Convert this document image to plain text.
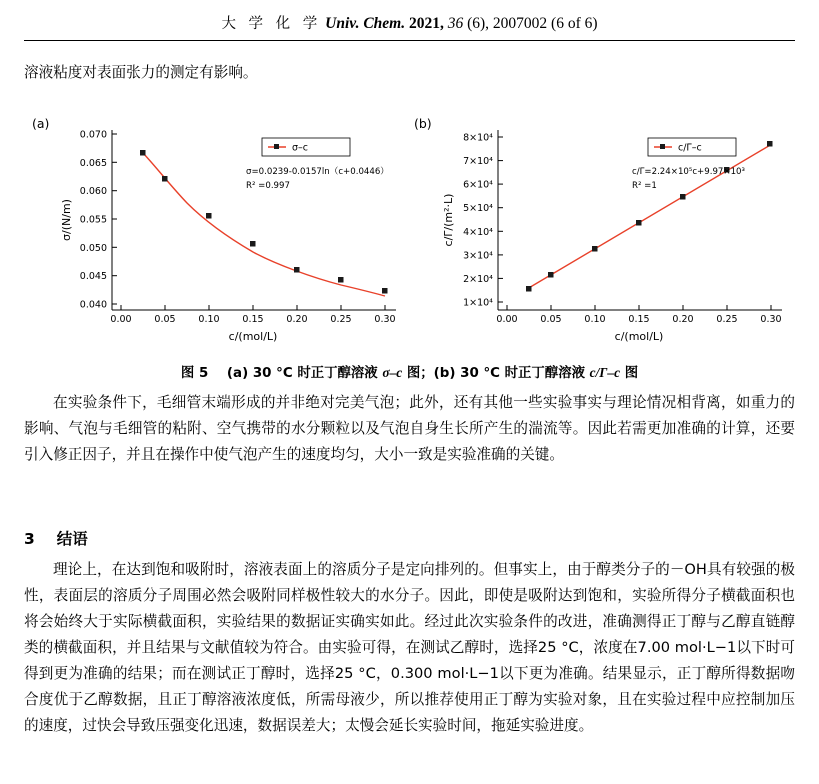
大 学 化 学 Univ. Chem. 2021, 36 (6), 2007002 (6 of 6)
溶液粘度对表面张力的测定有影响。
(a)
0.040
0.045
0.050
0.055
0.060
0.065
0.070
0.00 0.05 0.10 0.15 0.20 0.25 0.30
c/(mol/L)
σ/(N/m)
σ–c
σ=0.0239-0.0157ln（c+0.0446）
R² =0.997
(b)
1×10⁴
2×10⁴
3×10⁴
4×10⁴
5×10⁴
6×10⁴
7×10⁴
8×10⁴
0.00 0.05 0.10 0.15 0.20 0.25 0.30
c/(mol/L)
c/Γ/(m²·L)
c/Γ–c
c/Γ=2.24×10⁵c+9.97×10³
R² =1
图 5 (a) 30 °C 时正丁醇溶液 σ–c 图；(b) 30 °C 时正丁醇溶液 c/Γ–c 图
在实验条件下，毛细管末端形成的并非绝对完美气泡；此外，还有其他一些实验事实与理论情况相背离，如重力的影响、气泡与毛细管的粘附、空气携带的水分颗粒以及气泡自身生长所产生的湍流等。因此若需更加准确的计算，还要引入修正因子，并且在操作中使气泡产生的速度均匀，大小一致是实验准确的关键。
3 结语
理论上，在达到饱和吸附时，溶液表面上的溶质分子是定向排列的。但事实上，由于醇类分子的－OH具有较强的极性，表面层的溶质分子周围必然会吸附同样极性较大的水分子。因此，即使是吸附达到饱和，实验所得分子横截面积也将会始终大于实际横截面积，实验结果的数据证实确实如此。经过此次实验条件的改进，准确测得正丁醇与乙醇直链醇类的横截面积，并且结果与文献值较为符合。由实验可得，在测试乙醇时，选择25 °C，浓度在7.00 mol·L−1以下时可得到更为准确的结果；而在测试正丁醇时，选择25 °C，0.300 mol·L−1以下更为准确。结果显示，正丁醇所得数据吻合度优于乙醇数据，且正丁醇溶液浓度低，所需母液少，所以推荐使用正丁醇为实验对象，且在实验过程中应控制加压的速度，过快会导致压强变化迅速，数据误差大；太慢会延长实验时间，拖延实验进度。
